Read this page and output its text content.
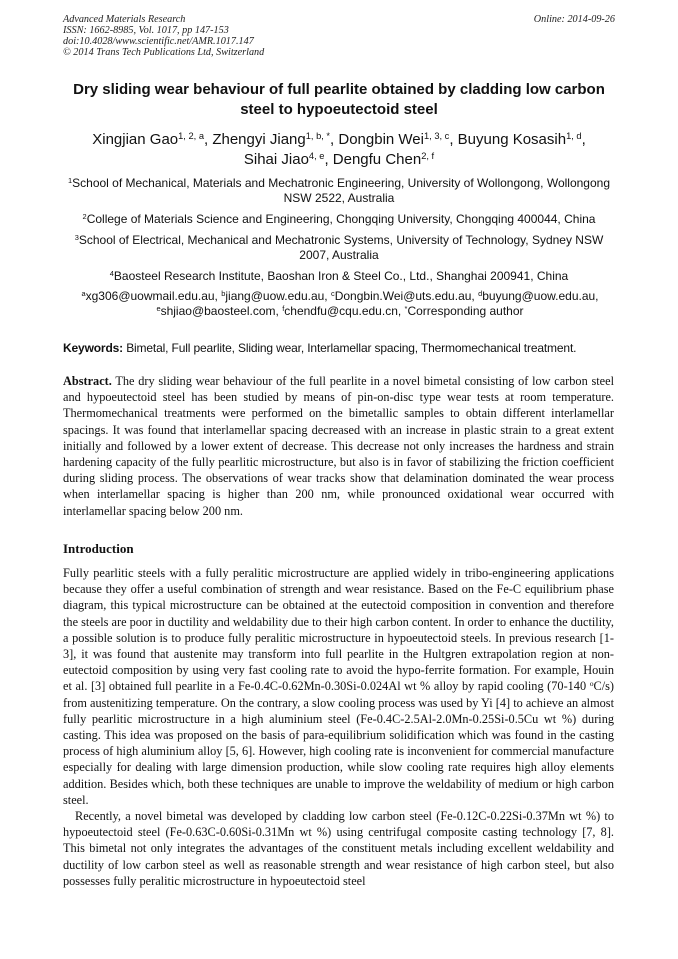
Advanced Materials Research
ISSN: 1662-8985, Vol. 1017, pp 147-153
doi:10.4028/www.scientific.net/AMR.1017.147
© 2014 Trans Tech Publications Ltd, Switzerland
Online: 2014-09-26
Dry sliding wear behaviour of full pearlite obtained by cladding low carbon steel to hypoeutectoid steel
Xingjian Gao$^{1, 2, a}$, Zhengyi Jiang$^{1, b, *}$, Dongbin Wei$^{1, 3, c}$, Buyung Kosasih$^{1, d}$,
Sihai Jiao$^{4, e}$, Dengfu Chen$^{2, f}$
$^1$School of Mechanical, Materials and Mechatronic Engineering, University of Wollongong, Wollongong NSW 2522, Australia
$^2$College of Materials Science and Engineering, Chongqing University, Chongqing 400044, China
$^3$School of Electrical, Mechanical and Mechatronic Systems, University of Technology, Sydney NSW 2007, Australia
$^4$Baosteel Research Institute, Baoshan Iron & Steel Co., Ltd., Shanghai 200941, China
$^a$xg306@uowmail.edu.au, $^b$jiang@uow.edu.au, $^c$Dongbin.Wei@uts.edu.au, $^d$buyung@uow.edu.au,
$^e$shjiao@baosteel.com, $^f$chendfu@cqu.edu.cn, *Corresponding author
Keywords: Bimetal, Full pearlite, Sliding wear, Interlamellar spacing, Thermomechanical treatment.
Abstract. The dry sliding wear behaviour of the full pearlite in a novel bimetal consisting of low carbon steel and hypoeutectoid steel has been studied by means of pin-on-disc type wear tests at room temperature. Thermomechanical treatments were performed on the bimetallic samples to obtain different interlamellar spacings. It was found that interlamellar spacing decreased with an increase in plastic strain to a great extent initially and followed by a lower extent of decrease. This decrease not only increases the hardness and strain hardening capacity of the fully pearlitic microstructure, but also is in favor of stabilizing the friction coefficient during sliding process. The observations of wear tracks show that delamination dominated the wear process when interlamellar spacing is higher than 200 nm, while pronounced oxidational wear occurred with interlamellar spacing below 200 nm.
Introduction

Fully pearlitic steels with a fully peralitic microstructure are applied widely in tribo-engineering applications because they offer a useful combination of strength and wear resistance. Based on the Fe-C equilibrium phase diagram, this typical microstructure can be obtained at the eutectoid composition in convention and therefore the steels are poor in ductility and weldability due to their high carbon content. In order to enhance the ductility, a possible solution is to produce fully peralitic microstructure in hypoeutectoid steels. In previous research [1-3], it was found that austenite may transform into full pearlite in the Hultgren extrapolation region at non-eutectoid composition by using very fast cooling rate to avoid the hypo-ferrite formation. For example, Houin et al. [3] obtained full pearlite in a Fe-0.4C-0.62Mn-0.30Si-0.024Al wt % alloy by rapid cooling (70-140 $^o$C/s) from austenitizing temperature. On the contrary, a slow cooling process was used by Yi [4] to achieve an almost fully pearlitic microstructure in a high aluminium steel (Fe-0.4C-2.5Al-2.0Mn-0.25Si-0.5Cu wt %) during casting. This idea was proposed on the basis of para-equilibrium solidification which was found in the casting process of high aluminium alloy [5, 6]. However, high cooling rate is inconvenient for commercial manufacture especially for dealing with large dimension production, while slow cooling rate requires high alloy elements addition. Besides which, both these techniques are unable to improve the weldability of medium or high carbon steel.

Recently, a novel bimetal was developed by cladding low carbon steel (Fe-0.12C-0.22Si-0.37Mn wt %) to hypoeutectoid steel (Fe-0.63C-0.60Si-0.31Mn wt %) using centrifugal composite casting technology [7, 8]. This bimetal not only integrates the advantages of the constituent metals including excellent weldability and ductility of low carbon steel as well as reasonable strength and wear resistance of high carbon steel, but also possesses fully peralitic microstructure in hypoeutectoid steel
